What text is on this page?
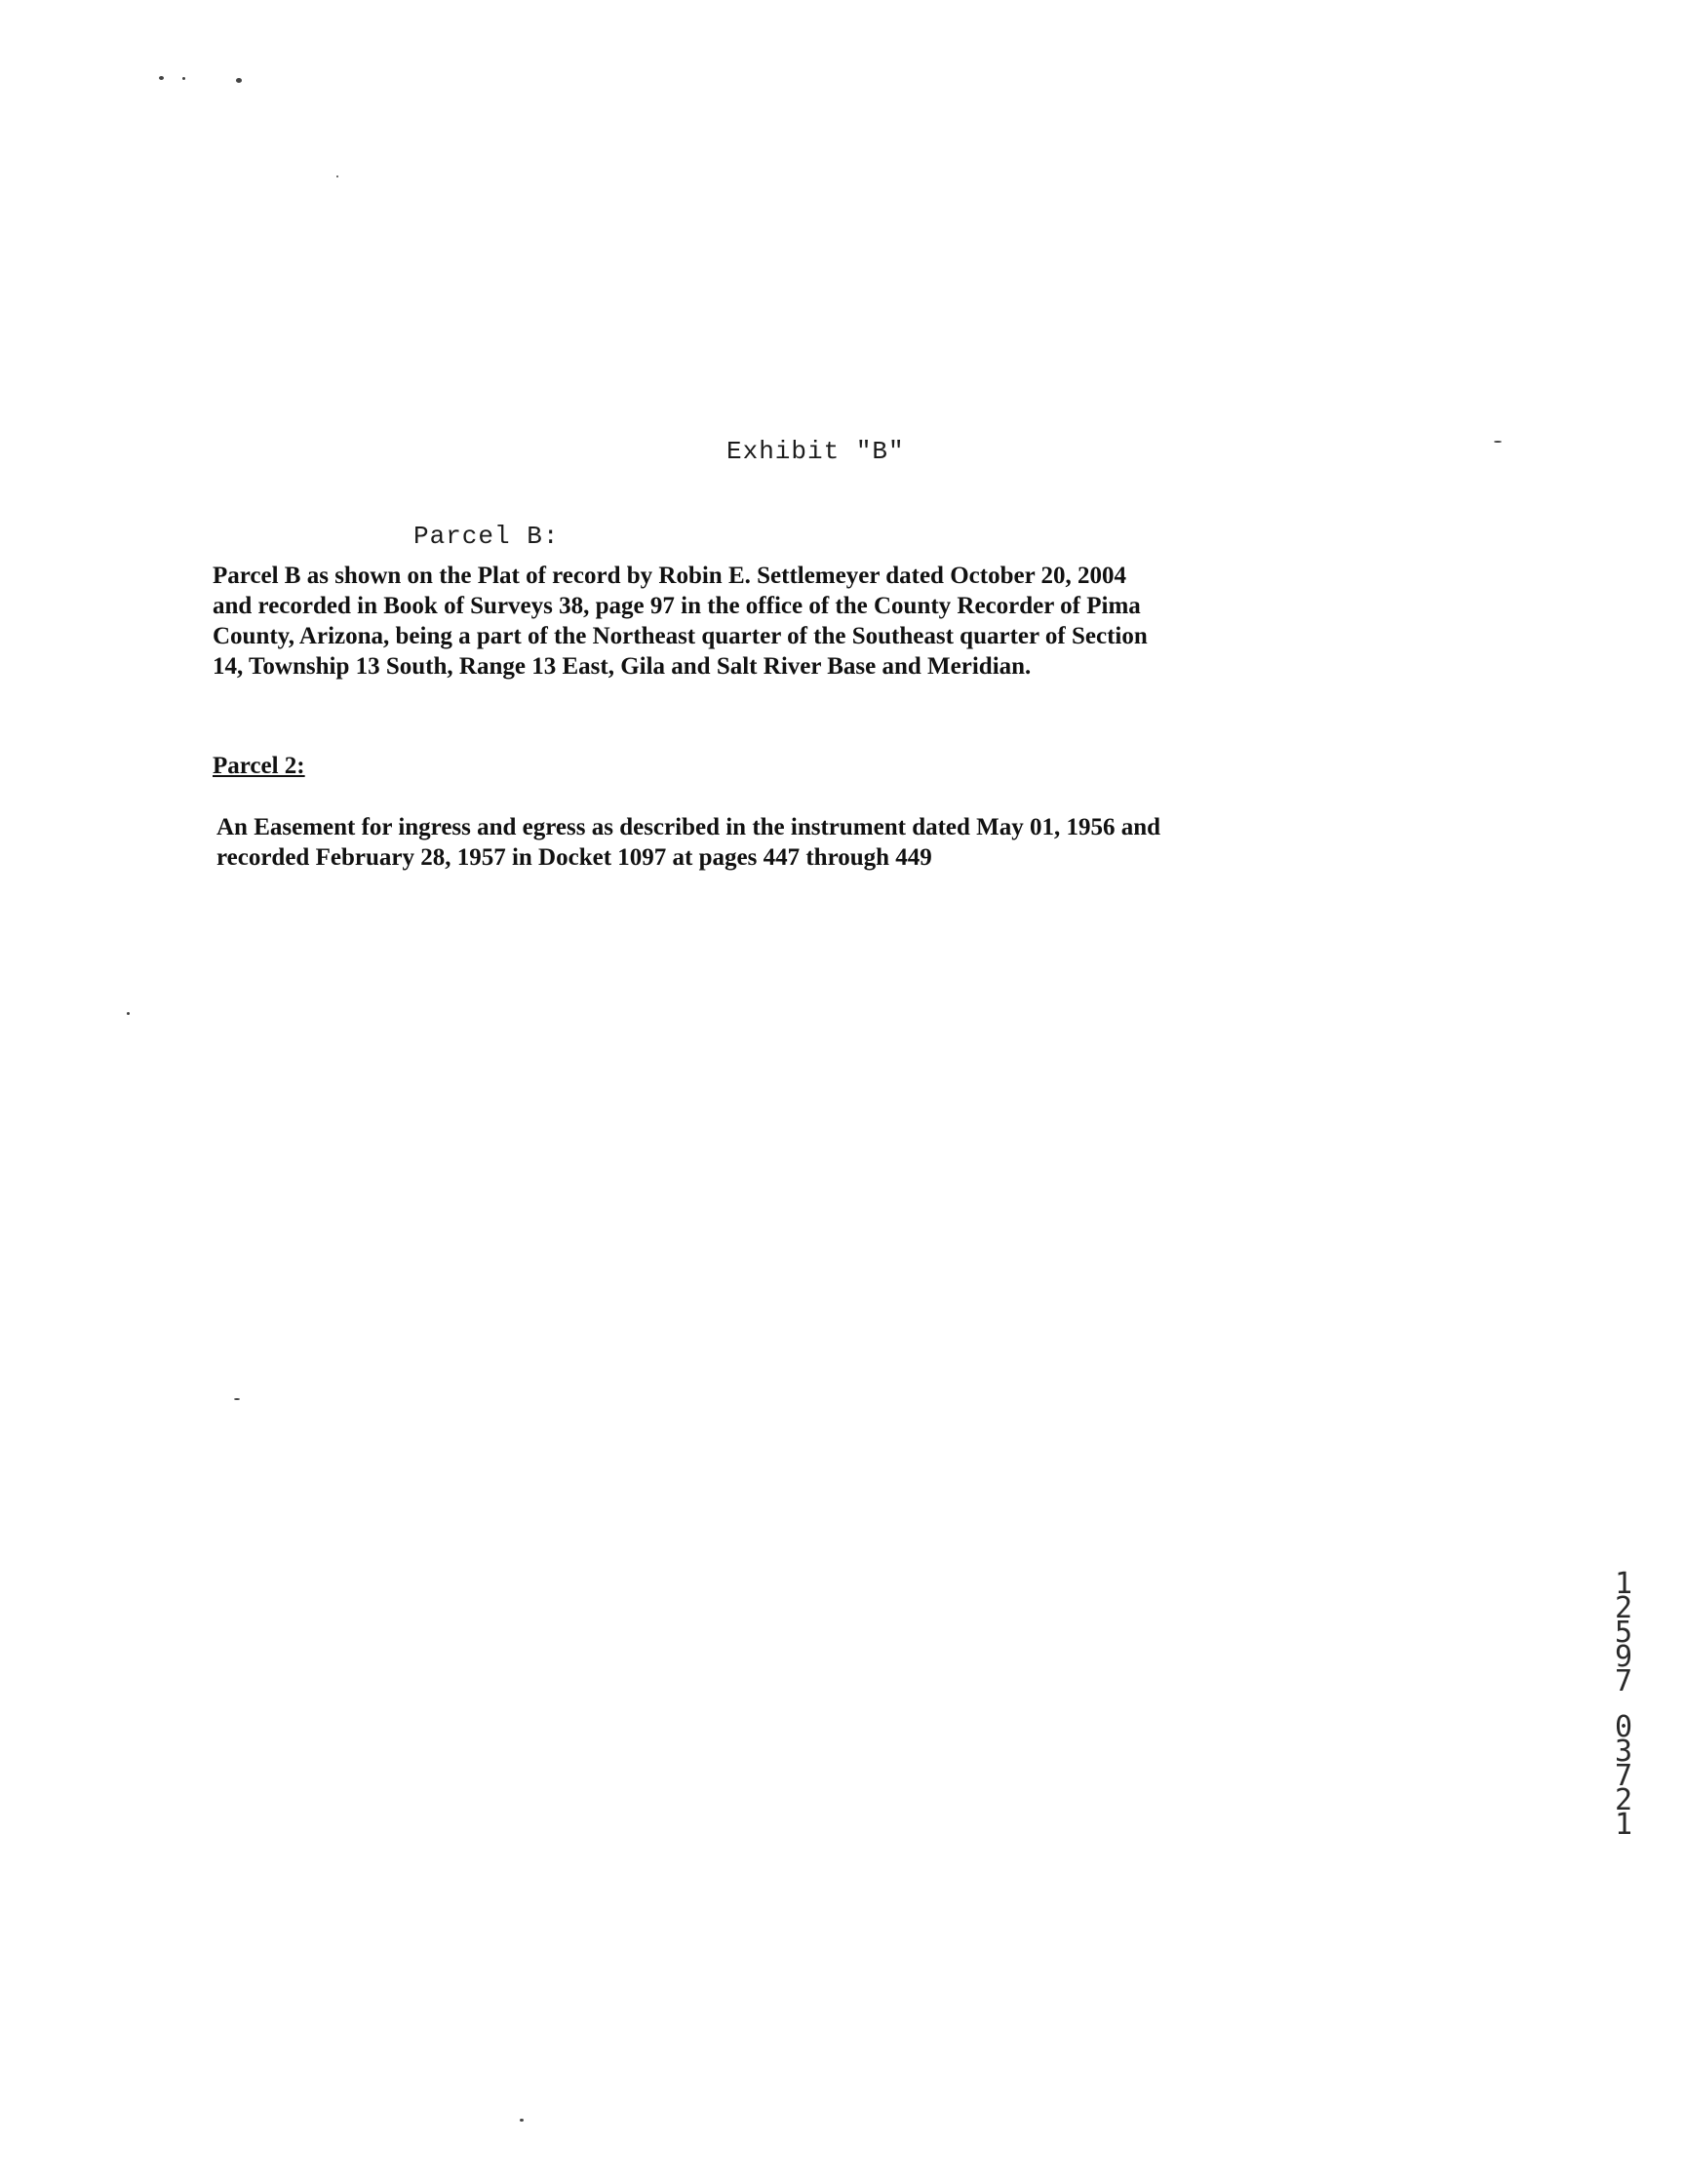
Exhibit "B"
Parcel B:

Parcel B as shown on the Plat of record by Robin E. Settlemeyer dated October 20, 2004
and recorded in Book of Surveys 38, page 97 in the office of the County Recorder of Pima
County, Arizona, being a part of the Northeast quarter of the Southeast quarter of Section
14, Township 13 South, Range 13 East, Gila and Salt River Base and Meridian.

Parcel 2:

An Easement for ingress and egress as described in the instrument dated May 01, 1956 and
recorded February 28, 1957 in Docket 1097 at pages 447 through 449

1
2
5
9
7
0
3
7
2
1
